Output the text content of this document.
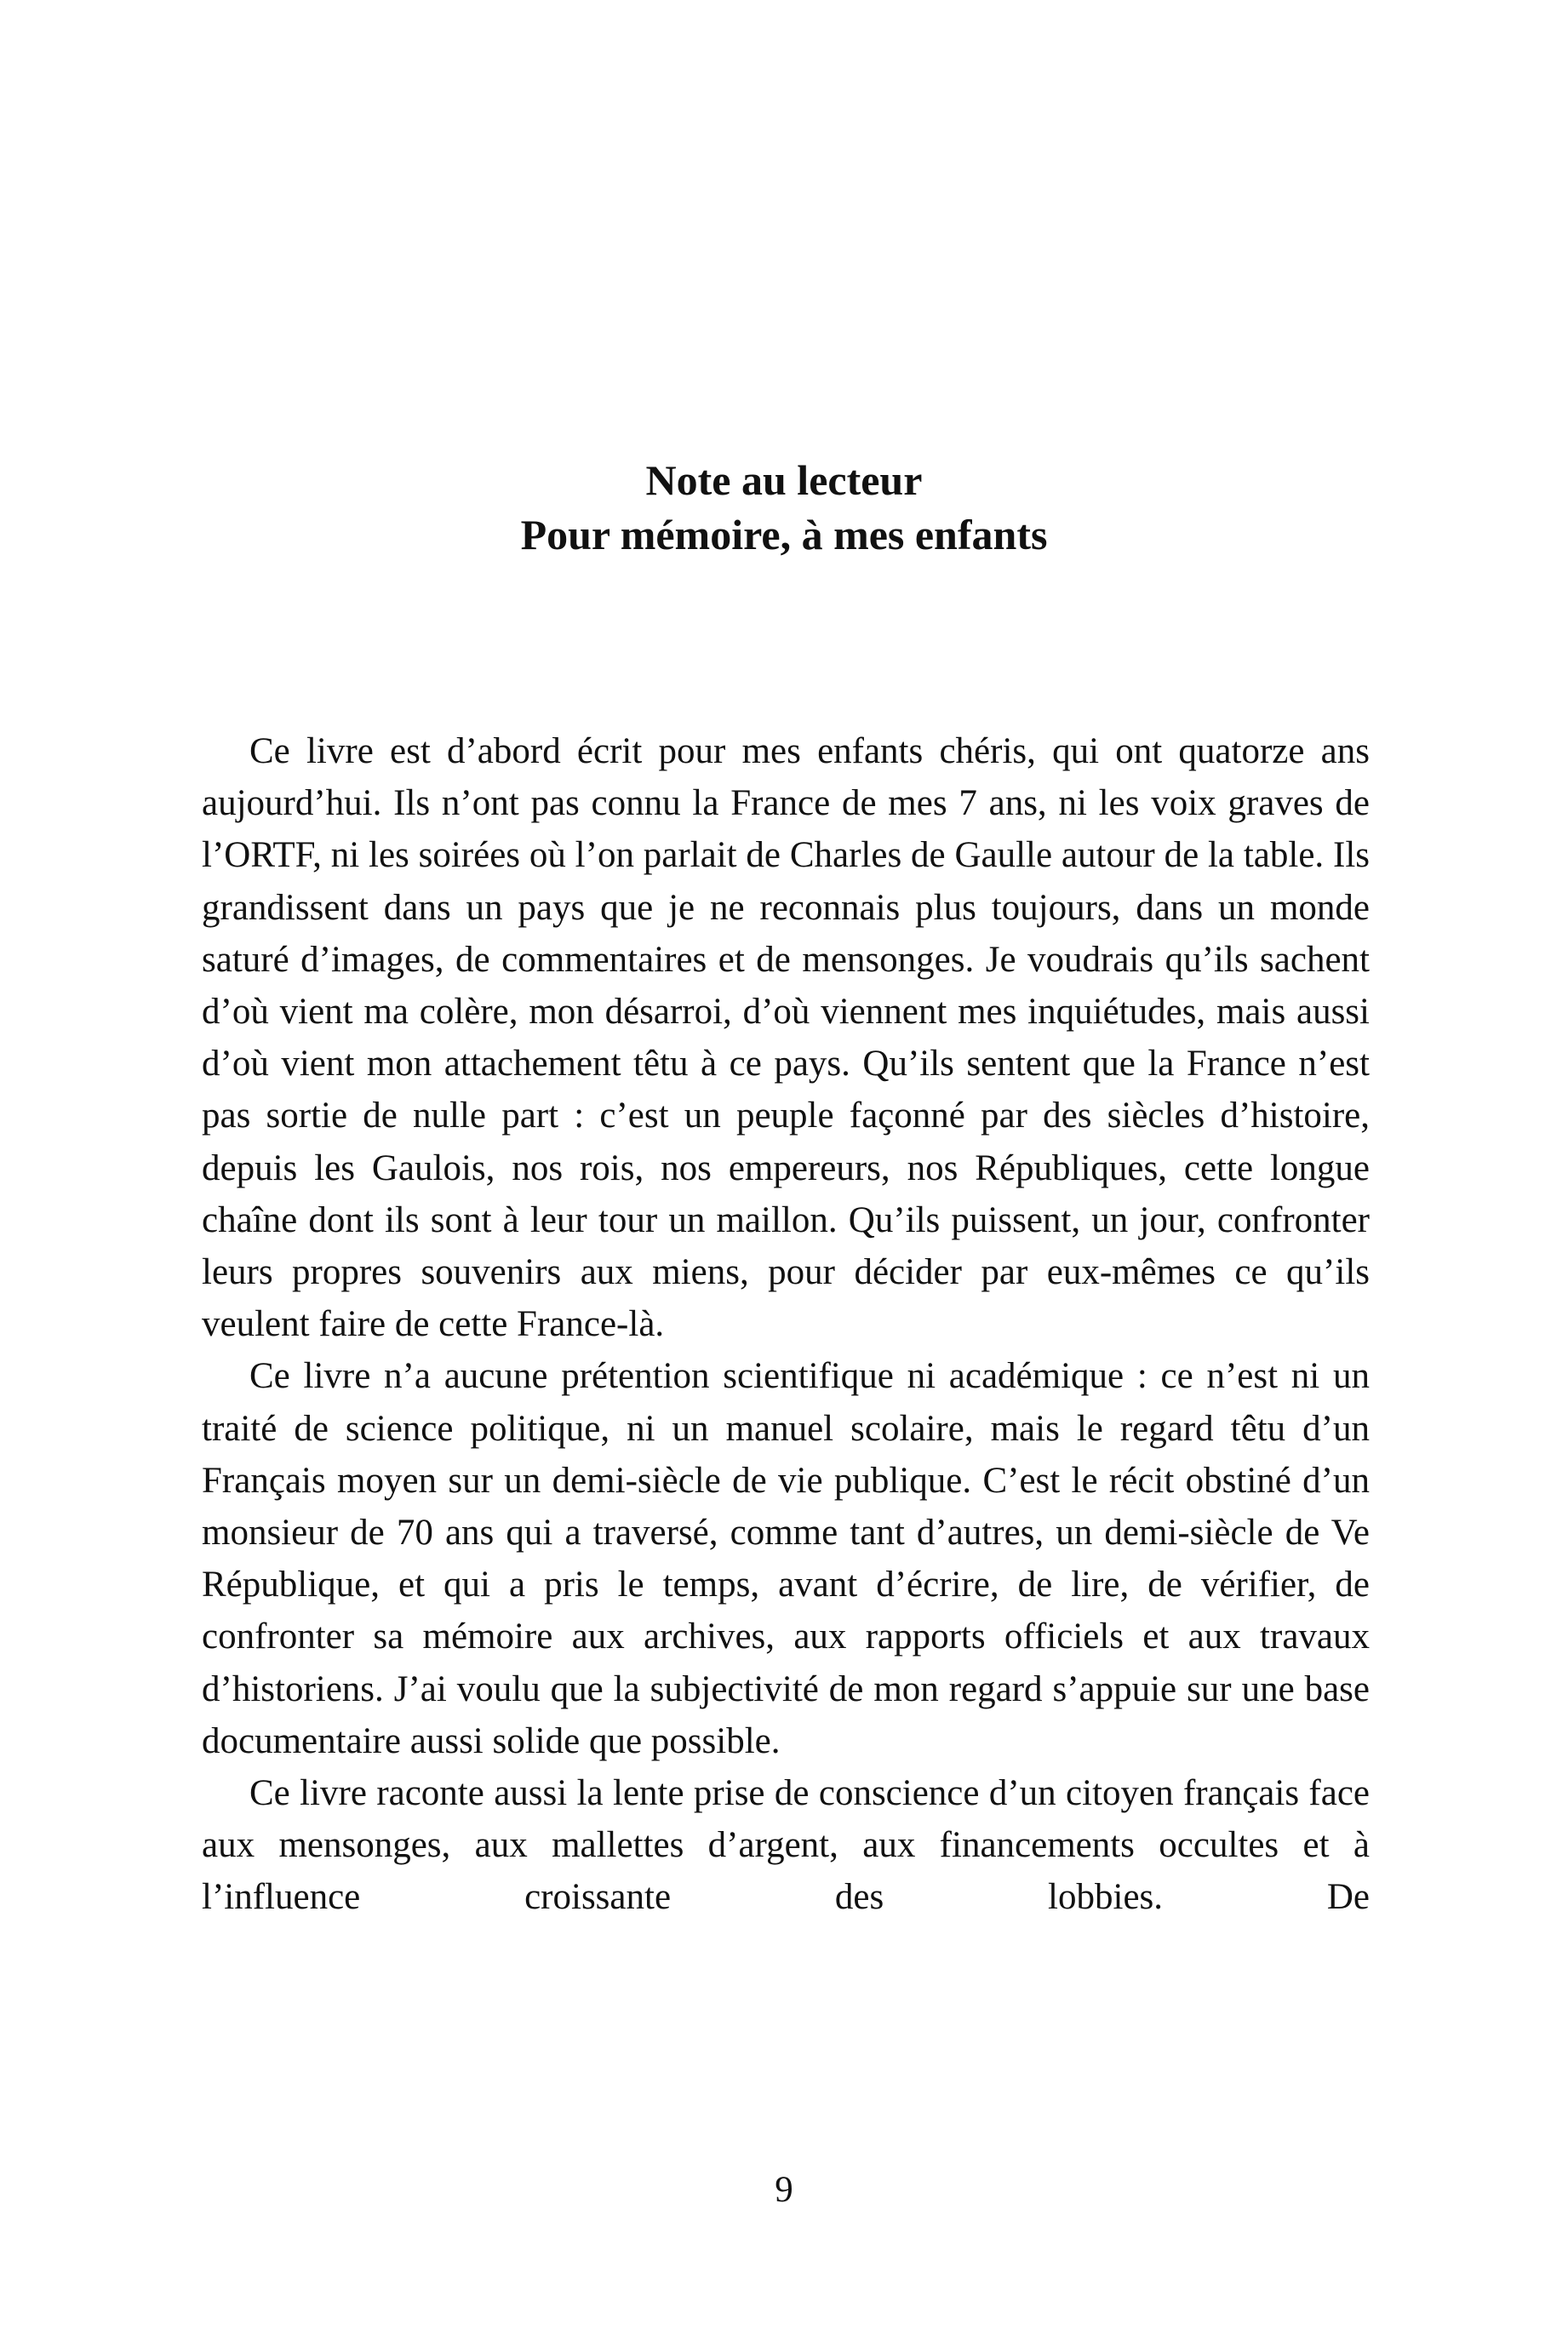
Note au lecteur
Pour mémoire, à mes enfants

Ce livre est d’abord écrit pour mes enfants chéris, qui ont quatorze ans aujourd’hui. Ils n’ont pas connu la France de mes 7 ans, ni les voix graves de l’ORTF, ni les soirées où l’on parlait de Charles de Gaulle autour de la table. Ils grandissent dans un pays que je ne reconnais plus toujours, dans un monde saturé d’images, de commentaires et de mensonges. Je voudrais qu’ils sachent d’où vient ma colère, mon désarroi, d’où viennent mes inquiétudes, mais aussi d’où vient mon attachement têtu à ce pays. Qu’ils sentent que la France n’est pas sortie de nulle part : c’est un peuple façonné par des siècles d’histoire, depuis les Gaulois, nos rois, nos empereurs, nos Républiques, cette longue chaîne dont ils sont à leur tour un maillon. Qu’ils puissent, un jour, confronter leurs propres souvenirs aux miens, pour décider par eux-mêmes ce qu’ils veulent faire de cette France-là.

Ce livre n’a aucune prétention scientifique ni académique : ce n’est ni un traité de science politique, ni un manuel scolaire, mais le regard têtu d’un Français moyen sur un demi-siècle de vie publique. C’est le récit obstiné d’un monsieur de 70 ans qui a traversé, comme tant d’autres, un demi-siècle de Ve République, et qui a pris le temps, avant d’écrire, de lire, de vérifier, de confronter sa mémoire aux archives, aux rapports officiels et aux travaux d’historiens. J’ai voulu que la subjectivité de mon regard s’appuie sur une base documentaire aussi solide que possible.

Ce livre raconte aussi la lente prise de conscience d’un citoyen français face aux mensonges, aux mallettes d’argent, aux financements occultes et à l’influence croissante des lobbies. De

9
